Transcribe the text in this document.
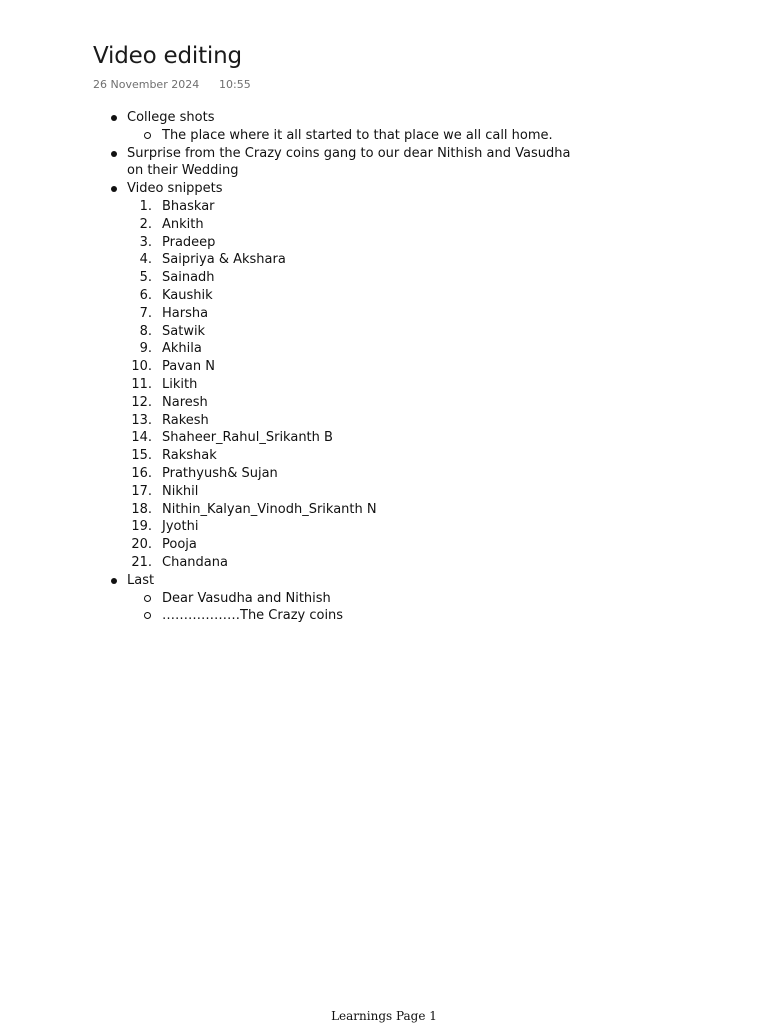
Video editing
26 November 2024 10:55
College shots
The place where it all started to that place we all call home.
Surprise from the Crazy coins gang to our dear Nithish and Vasudha on their Wedding
Video snippets
1. Bhaskar
2. Ankith
3. Pradeep
4. Saipriya & Akshara
5. Sainadh
6. Kaushik
7. Harsha
8. Satwik
9. Akhila
10. Pavan N
11. Likith
12. Naresh
13. Rakesh
14. Shaheer_Rahul_Srikanth B
15. Rakshak
16. Prathyush& Sujan
17. Nikhil
18. Nithin_Kalyan_Vinodh_Srikanth N
19. Jyothi
20. Pooja
21. Chandana
Last
Dear Vasudha and Nithish
………………The Crazy coins
Learnings Page 1
